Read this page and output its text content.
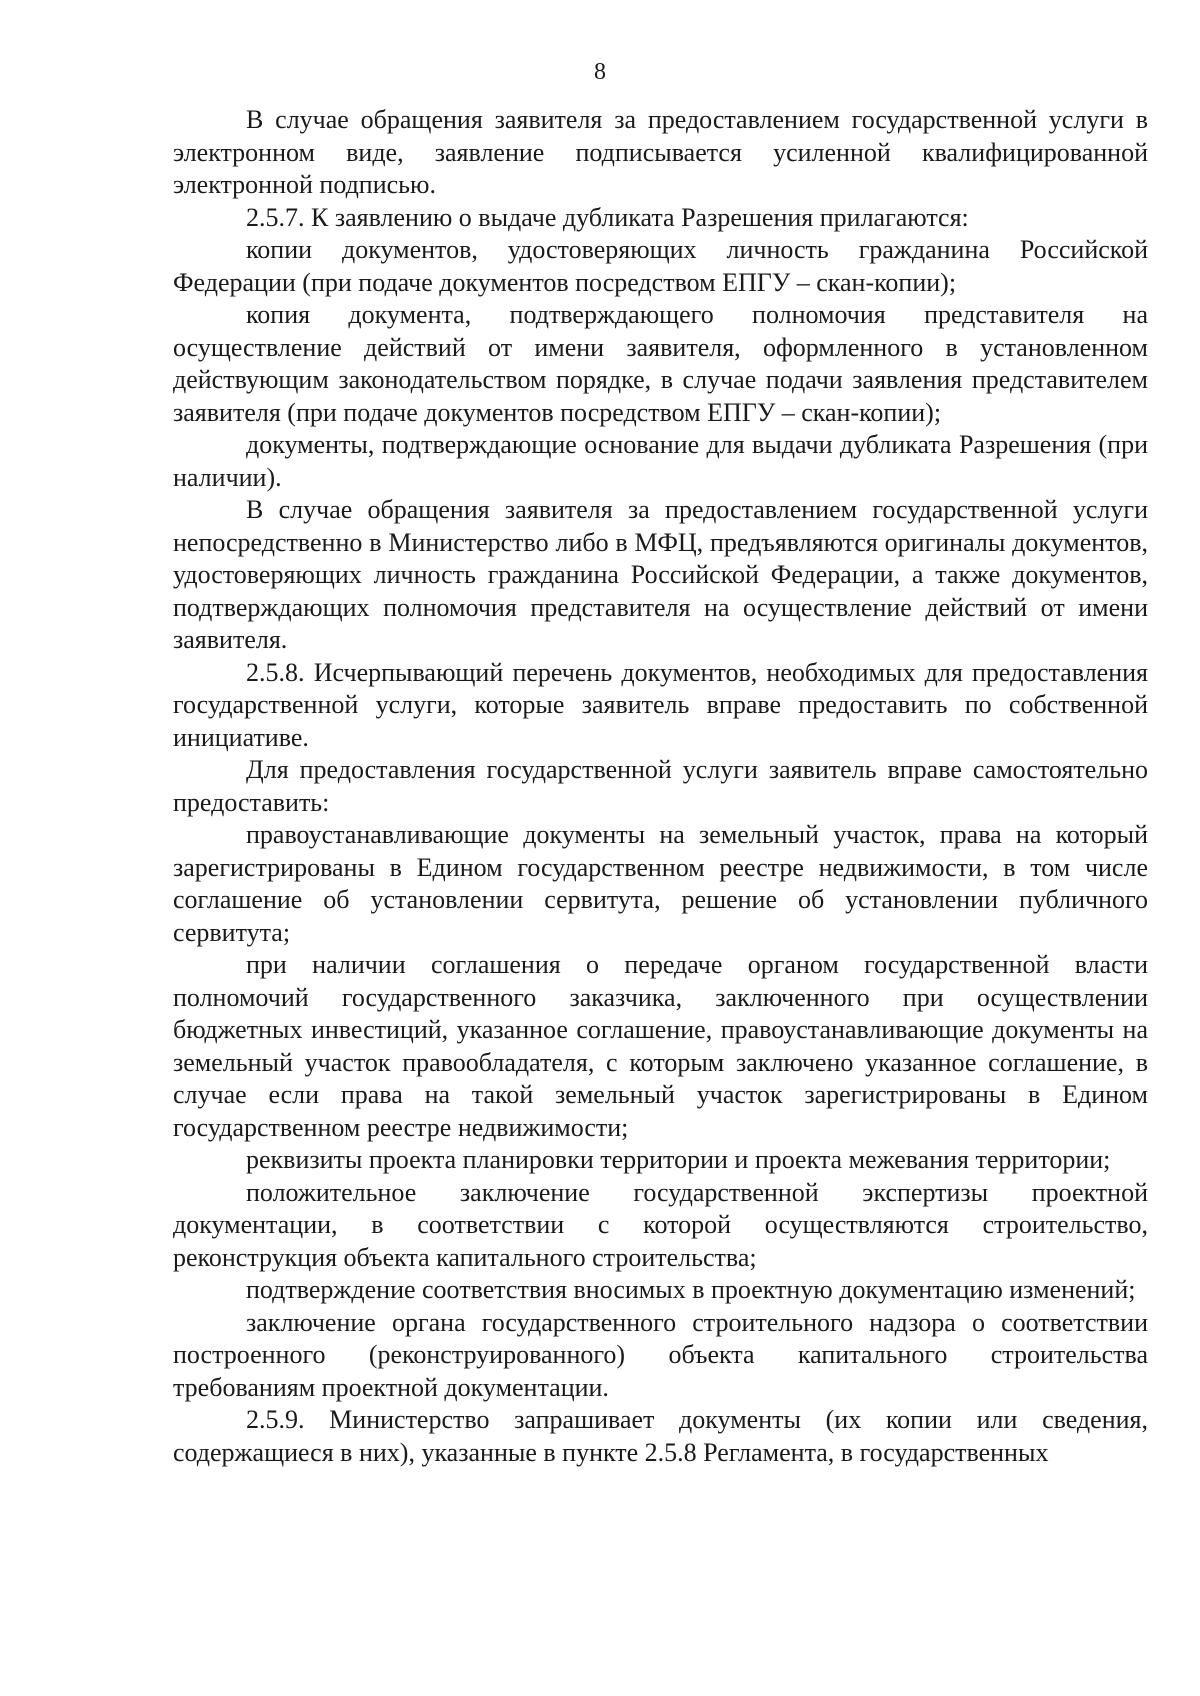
8

В случае обращения заявителя за предоставлением государственной услуги в электронном виде, заявление подписывается усиленной квалифицированной электронной подписью.

2.5.7. К заявлению о выдаче дубликата Разрешения прилагаются:

копии документов, удостоверяющих личность гражданина Российской Федерации (при подаче документов посредством ЕПГУ – скан-копии);

копия документа, подтверждающего полномочия представителя на осуществление действий от имени заявителя, оформленного в установленном действующим законодательством порядке, в случае подачи заявления представителем заявителя (при подаче документов посредством ЕПГУ – скан-копии);

документы, подтверждающие основание для выдачи дубликата Разрешения (при наличии).

В случае обращения заявителя за предоставлением государственной услуги непосредственно в Министерство либо в МФЦ, предъявляются оригиналы документов, удостоверяющих личность гражданина Российской Федерации, а также документов, подтверждающих полномочия представителя на осуществление действий от имени заявителя.

2.5.8. Исчерпывающий перечень документов, необходимых для предоставления государственной услуги, которые заявитель вправе предоставить по собственной инициативе.

Для предоставления государственной услуги заявитель вправе самостоятельно предоставить:

правоустанавливающие документы на земельный участок, права на который зарегистрированы в Едином государственном реестре недвижимости, в том числе соглашение об установлении сервитута, решение об установлении публичного сервитута;

при наличии соглашения о передаче органом государственной власти полномочий государственного заказчика, заключенного при осуществлении бюджетных инвестиций, указанное соглашение, правоустанавливающие документы на земельный участок правообладателя, с которым заключено указанное соглашение, в случае если права на такой земельный участок зарегистрированы в Едином государственном реестре недвижимости;

реквизиты проекта планировки территории и проекта межевания территории;

положительное заключение государственной экспертизы проектной документации, в соответствии с которой осуществляются строительство, реконструкция объекта капитального строительства;

подтверждение соответствия вносимых в проектную документацию изменений;

заключение органа государственного строительного надзора о соответствии построенного (реконструированного) объекта капитального строительства требованиям проектной документации.

2.5.9. Министерство запрашивает документы (их копии или сведения, содержащиеся в них), указанные в пункте 2.5.8 Регламента, в государственных
